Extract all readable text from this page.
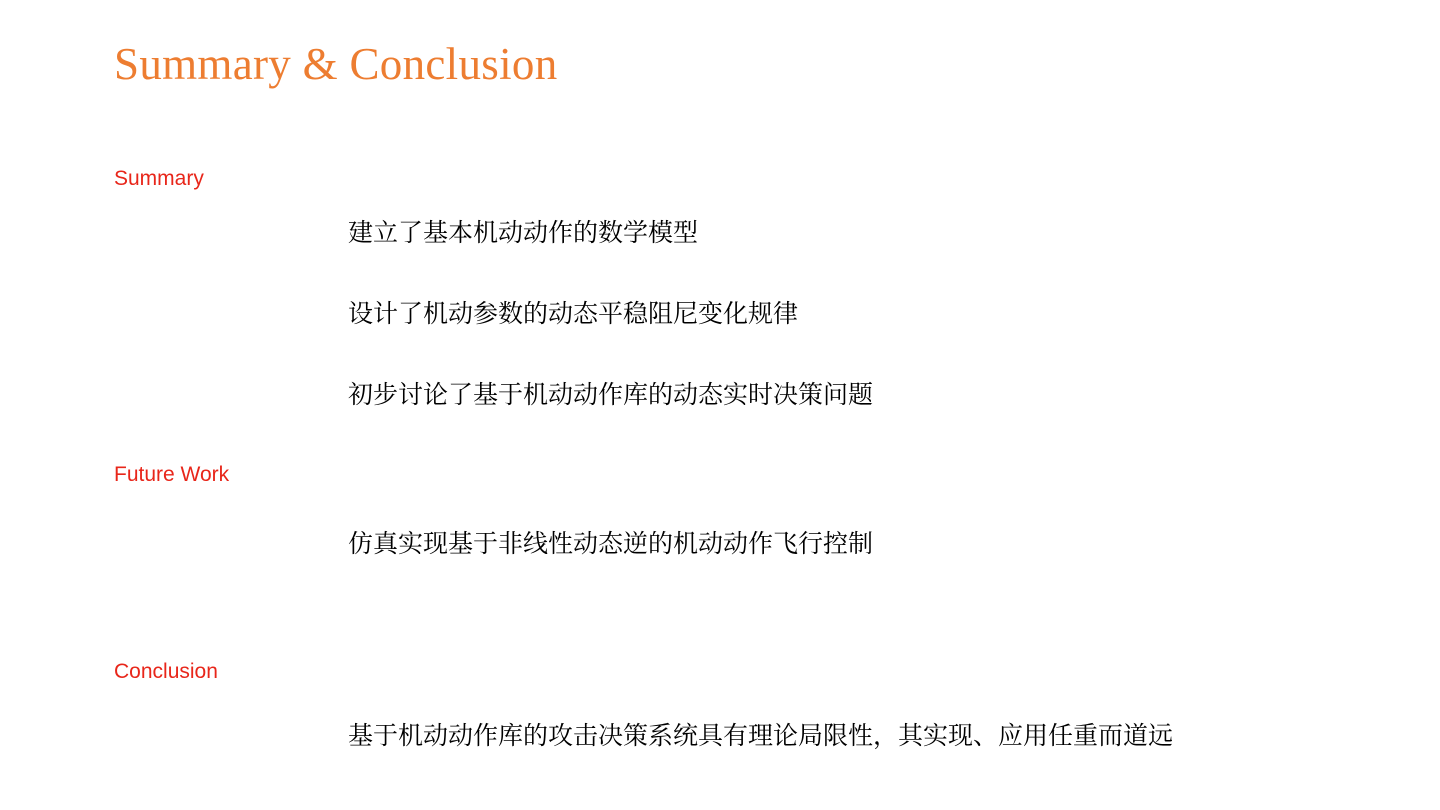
Summary & Conclusion
Summary
建立了基本机动动作的数学模型
设计了机动参数的动态平稳阻尼变化规律
初步讨论了基于机动动作库的动态实时决策问题
Future Work
仿真实现基于非线性动态逆的机动动作飞行控制
Conclusion
基于机动动作库的攻击决策系统具有理论局限性，其实现、应用任重而道远
